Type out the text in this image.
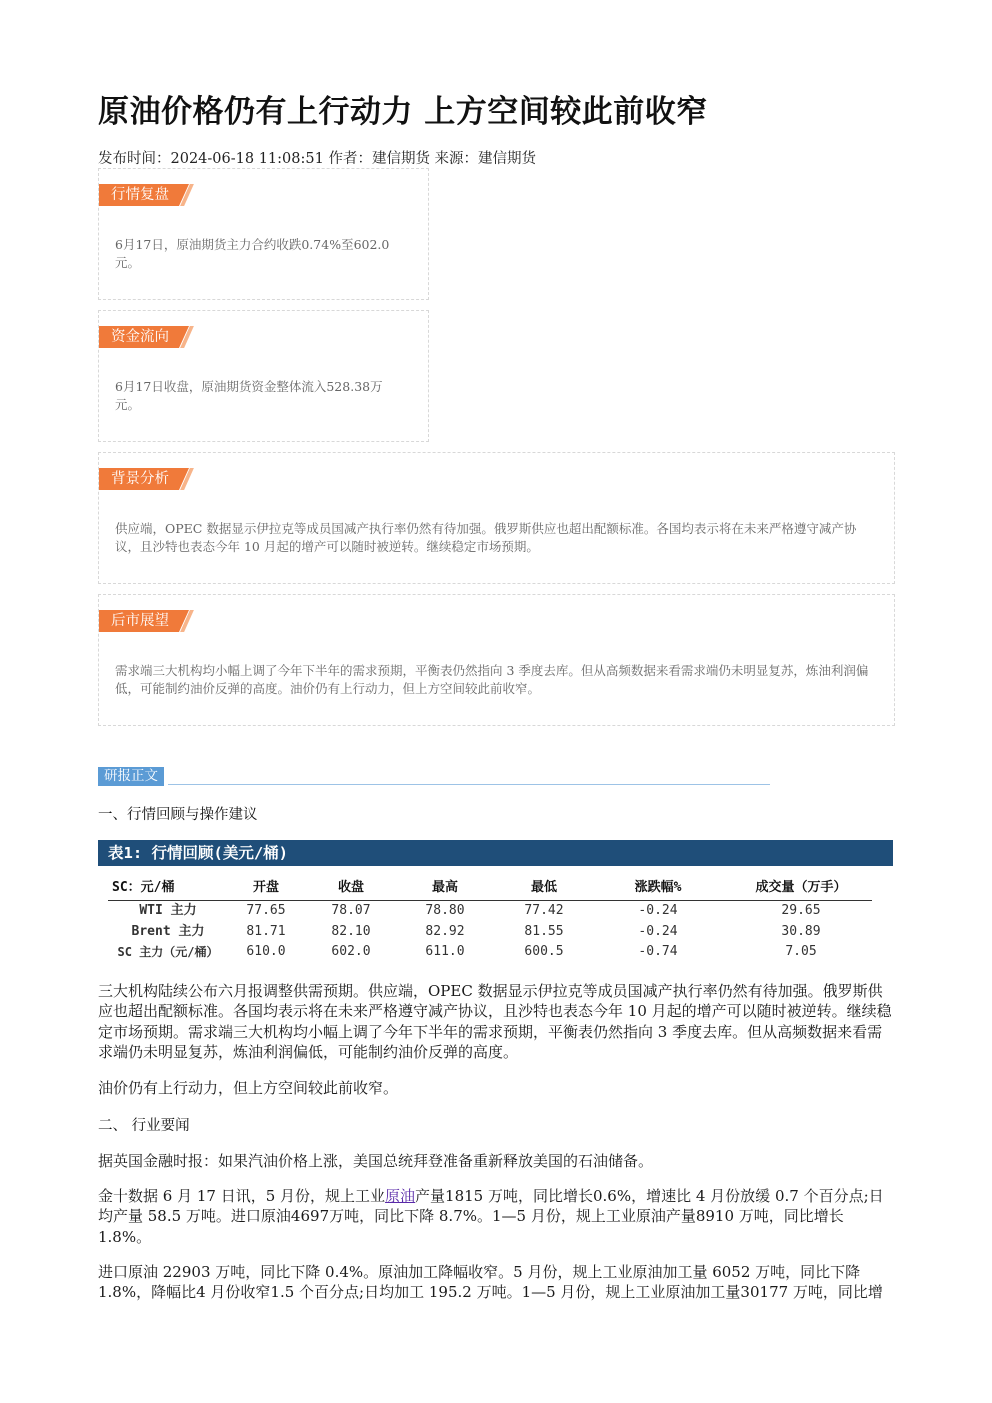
原油价格仍有上行动力 上方空间较此前收窄
发布时间：2024-06-18 11:08:51 作者：建信期货 来源：建信期货
行情复盘
6月17日，原油期货主力合约收跌0.74%至602.0元。
资金流向
6月17日收盘，原油期货资金整体流入528.38万元。
背景分析
供应端，OPEC 数据显示伊拉克等成员国减产执行率仍然有待加强。俄罗斯供应也超出配额标准。各国均表示将在未来严格遵守减产协议，且沙特也表态今年 10 月起的增产可以随时被逆转。继续稳定市场预期。
后市展望
需求端三大机构均小幅上调了今年下半年的需求预期，平衡表仍然指向 3 季度去库。但从高频数据来看需求端仍未明显复苏，炼油利润偏低，可能制约油价反弹的高度。油价仍有上行动力，但上方空间较此前收窄。
研报正文
一、行情回顾与操作建议
表1: 行情回顾(美元/桶)
SC：元/桶	开盘	收盘	最高	最低	涨跌幅%	成交量（万手）
WTI 主力	77.65	78.07	78.80	77.42	-0.24	29.65
Brent 主力	81.71	82.10	82.92	81.55	-0.24	30.89
SC 主力（元/桶）	610.0	602.0	611.0	600.5	-0.74	7.05
三大机构陆续公布六月报调整供需预期。供应端，OPEC 数据显示伊拉克等成员国减产执行率仍然有待加强。俄罗斯供应也超出配额标准。各国均表示将在未来严格遵守减产协议，且沙特也表态今年 10 月起的增产可以随时被逆转。继续稳定市场预期。需求端三大机构均小幅上调了今年下半年的需求预期，平衡表仍然指向 3 季度去库。但从高频数据来看需求端仍未明显复苏，炼油利润偏低，可能制约油价反弹的高度。
油价仍有上行动力，但上方空间较此前收窄。
二、 行业要闻
据英国金融时报：如果汽油价格上涨，美国总统拜登准备重新释放美国的石油储备。
金十数据 6 月 17 日讯，5 月份，规上工业原油产量1815 万吨，同比增长0.6%，增速比 4 月份放缓 0.7 个百分点;日均产量 58.5 万吨。进口原油4697万吨，同比下降 8.7%。1—5 月份，规上工业原油产量8910 万吨，同比增长 1.8%。
进口原油 22903 万吨，同比下降 0.4%。原油加工降幅收窄。5 月份，规上工业原油加工量 6052 万吨，同比下降 1.8%，降幅比4 月份收窄1.5 个百分点;日均加工 195.2 万吨。1—5 月份，规上工业原油加工量30177 万吨，同比增
